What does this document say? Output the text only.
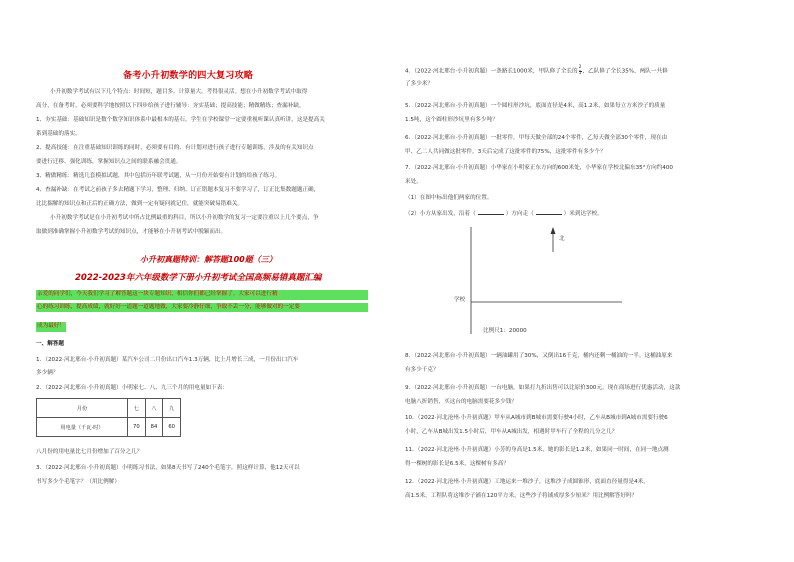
备考小升初数学的四大复习攻略
小升初数学考试有以下几个特点：时间短，题目多，计算量大，考得很灵活。想在小升初数学考试中取得
高分，在备考时，必须要科学地按照以下四步给孩子进行辅导：夯实基础；提高技能；精做精练；查漏补缺。
1、夯实基础：基础知识是数个数学知识体系中最根本的基石。学生在学校课堂一定要重视听课认真听讲，这是提高关
系到基础的落实。
2、提高技能：在注重基础知识训练的同时，必须要有目的、有计划对进行孩子进行专题训练，涉及的有关知识点
要进行迁移、强化训练，掌握知识点之间的联系融会贯通。
3、精做精练：精选几套模拟试题，其中包括历年联考试题，从一月份开始要有计划的给孩子练习。
4、查漏补缺：在考试之前孩子多去精题下学习，整理、归纳、订正错题本复习不要学习了，订正比集数题题正确，
比比揣解的知识点和正后的正确方法，做到一定有疑问就记住，就能突破易错难关。
小升初数学考试是在小升初考试中所占比例最重的科目，所以小升初数学的复习一定要注重以上几个要点，争
取做到准确掌握小升初数学考试的知识点，才能够在小升初考试中脱颖而出。
小升初真题特训：解答题100题（三）
2022-2023年六年级数学下册小升初考试全国高频易错真题汇编
亲爱的同学们，今天我们学习了解答题这一块专题知识，相信你们都已经掌握了。大家可以进行精
心的练习训练，提高成绩，就好好一道题一道题地做，大家要冷静仔细，争取不丢一分，能够做对的一定要
成为最好！
一、解答题
1．（2022·河北邢台·小升初真题）某汽车公司二月份出口汽车1.3万辆，比上月增长三成，一月份出口汽车
多少辆？
2．（2022·河北邢台·小升初真题）小明家七、八、九三个月的用电量如下表：
月份	七	八	九
用电量（千瓦·时）	70	84	60
八月份的用电量比七月份增加了百分之几？
3．（2022·河北邢台·小升初真题）小明练习书法，如果8天书写了240个毛笔字，照这样计算，他12天可以
书写多少个毛笔字？（用比例解）
4．（2022·河北邢台·小升初真题）一条路长1000米，甲队修了全长的 $\frac{2}{5}$ ，乙队修了全长35%，两队一共修
了多少米？
5．（2022·河北邢台·小升初真题）一个圆柱形沙坑，底面直径是4米，高1.2米，如果每立方米沙子的质量
1.5吨，这个圆柱形沙坑里有多少吨？
6．（2022·河北邢台·小升初真题）一批零件，甲每天做全部的24个零件，乙每天做全部30个零件，现在由
甲、乙二人共同做这批零件，3天后完成了这批零件的75%，这批零件有多少个？
7．（2022·河北邢台·小升初真题）小华家在小明家正东方向的600米处，小华家在学校北偏东35°方向约400
米处。
（1）在图中标出他们两家的位置。
（2）小方从家出发，沿着（	）方向走（	）米到达学校。
北
学校
比例尺1：20000
8．（2022·河北邢台·小升初真题）一辆油罐用了30%，又倒出16千克，桶内还剩一桶油的一半。这桶油原来
有多少千克？
9．（2022·河北邢台·小升初真题）一台电脑，如果打九折出售可以比原价300元。现在商场进行优惠活动，这款
电脑八折销售，买这台的电脑需要花多少钱？
10．（2022·河北沧州·小升初真题）甲车从A城市到B城市需要行驶4小时，乙车从B城市到A城市需要行驶6
小时，乙车从B城出发1.5小时后，甲车从A城出发，相遇时甲车行了全程的几分之几？
11．（2022·河北沧州·小升初真题）小芳的身高是1.5米，她的影长是1.2米，如果同一时间，在同一地点测
得一棵树的影长是6.5米，这棵树有多高？
12．（2022·河北沧州·小升初真题）工地运来一堆沙子，这堆沙子成圆锥形，底面直径量得是4米，
高1.5米，工程队将这堆沙子铺在120平方米，这些沙子将铺成厚多少厘米？用比例解答好吗？
